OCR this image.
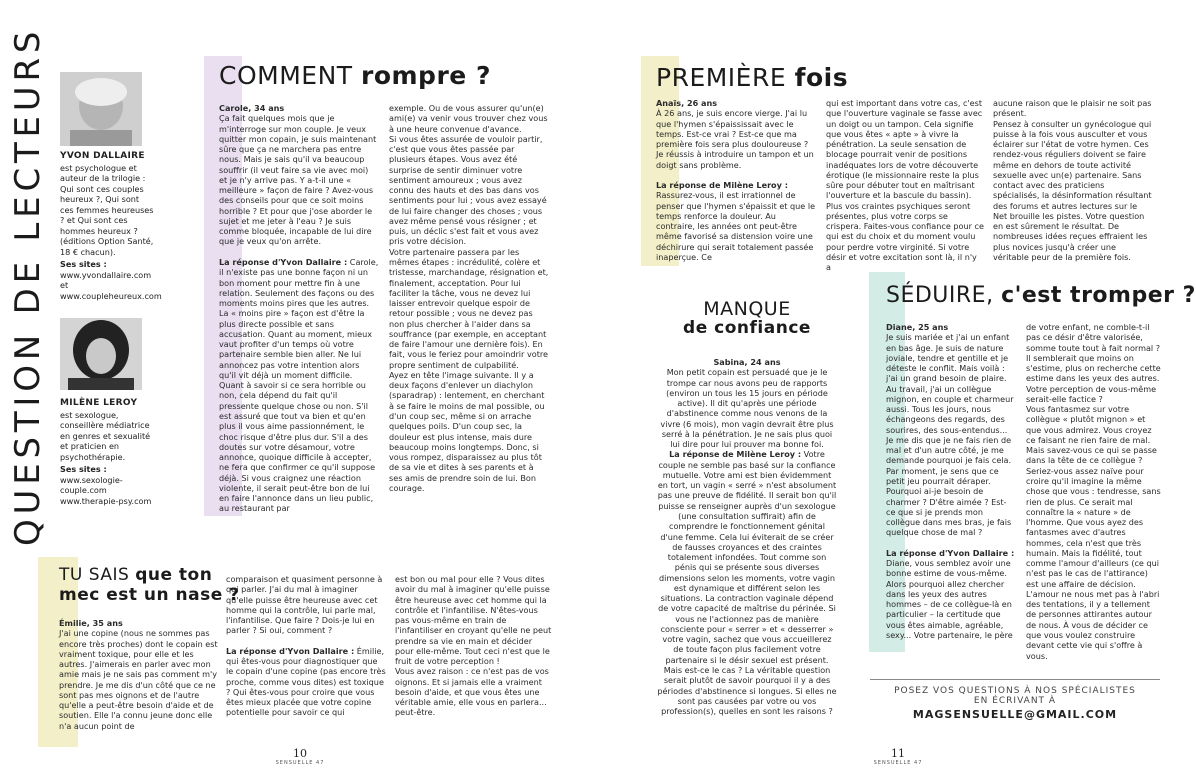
QUESTION DE LECTEURS
YVON DALLAIRE
est psychologue et auteur de la trilogie : Qui sont ces couples heureux ?, Qui sont ces femmes heureuses ? et Qui sont ces hommes heureux ? (éditions Option Santé, 18 € chacun).
Ses sites :
www.yvondallaire.com et
www.coupleheureux.com
MILÈNE LEROY
est sexologue, conseillère médiatrice en genres et sexualité et praticien en psychothérapie.
Ses sites :
www.sexologie-couple.com
www.therapie-psy.com
COMMENT rompre ?
Carole, 34 ans
Ça fait quelques mois que je m'interroge sur mon couple. Je veux quitter mon copain, je suis maintenant sûre que ça ne marchera pas entre nous. Mais je sais qu'il va beaucoup souffrir (il veut faire sa vie avec moi) et je n'y arrive pas. Y a-t-il une « meilleure » façon de faire ? Avez-vous des conseils pour que ce soit moins horrible ? Et pour que j'ose aborder le sujet et me jeter à l'eau ? Je suis comme bloquée, incapable de lui dire que je veux qu'on arrête.

La réponse d'Yvon Dallaire : Carole, il n'existe pas une bonne façon ni un bon moment pour mettre fin à une relation. Seulement des façons ou des moments moins pires que les autres. La « moins pire » façon est d'être la plus directe possible et sans accusation. Quant au moment, mieux vaut profiter d'un temps où votre partenaire semble bien aller. Ne lui annoncez pas votre intention alors qu'il vit déjà un moment difficile. Quant à savoir si ce sera horrible ou non, cela dépend du fait qu'il pressente quelque chose ou non. S'il est assuré que tout va bien et qu'en plus il vous aime passionnément, le choc risque d'être plus dur. S'il a des doutes sur votre désamour, votre annonce, quoique difficile à accepter, ne fera que confirmer ce qu'il suppose déjà. Si vous craignez une réaction violente, il serait peut-être bon de lui en faire l'annonce dans un lieu public, au restaurant par
exemple. Ou de vous assurer qu'un(e) ami(e) va venir vous trouver chez vous à une heure convenue d'avance.
Si vous êtes assurée de vouloir partir, c'est que vous êtes passée par plusieurs étapes. Vous avez été surprise de sentir diminuer votre sentiment amoureux ; vous avez connu des hauts et des bas dans vos sentiments pour lui ; vous avez essayé de lui faire changer des choses ; vous avez même pensé vous résigner ; et puis, un déclic s'est fait et vous avez pris votre décision.
Votre partenaire passera par les mêmes étapes : incrédulité, colère et tristesse, marchandage, résignation et, finalement, acceptation. Pour lui faciliter la tâche, vous ne devez lui laisser entrevoir quelque espoir de retour possible ; vous ne devez pas non plus chercher à l'aider dans sa souffrance (par exemple, en acceptant de faire l'amour une dernière fois). En fait, vous le feriez pour amoindrir votre propre sentiment de culpabilité.
Ayez en tête l'image suivante. Il y a deux façons d'enlever un diachylon (sparadrap) : lentement, en cherchant à se faire le moins de mal possible, ou d'un coup sec, même si on arrache quelques poils. D'un coup sec, la douleur est plus intense, mais dure beaucoup moins longtemps. Donc, si vous rompez, disparaissez au plus tôt de sa vie et dites à ses parents et à ses amis de prendre soin de lui. Bon courage.
TU SAIS que ton
mec est un nase ?
Émilie, 35 ans
J'ai une copine (nous ne sommes pas encore très proches) dont le copain est vraiment toxique, pour elle et les autres. J'aimerais en parler avec mon amie mais je ne sais pas comment m'y prendre. Je me dis d'un côté que ce ne sont pas mes oignons et de l'autre qu'elle a peut-être besoin d'aide et de soutien. Elle l'a connu jeune donc elle n'a aucun point de
comparaison et quasiment personne à qui parler. J'ai du mal à imaginer qu'elle puisse être heureuse avec cet homme qui la contrôle, lui parle mal, l'infantilise. Que faire ? Dois-je lui en parler ? Si oui, comment ?

La réponse d'Yvon Dallaire : Émilie, qui êtes-vous pour diagnostiquer que le copain d'une copine (pas encore très proche, comme vous dites) est toxique ? Qui êtes-vous pour croire que vous êtes mieux placée que votre copine potentielle pour savoir ce qui
est bon ou mal pour elle ? Vous dites avoir du mal à imaginer qu'elle puisse être heureuse avec cet homme qui la contrôle et l'infantilise. N'êtes-vous pas vous-même en train de l'infantiliser en croyant qu'elle ne peut prendre sa vie en main et décider pour elle-même. Tout ceci n'est que le fruit de votre perception !
Vous avez raison : ce n'est pas de vos oignons. Et si jamais elle a vraiment besoin d'aide, et que vous êtes une véritable amie, elle vous en parlera... peut-être.
10
SENSUELLE 47
PREMIÈRE fois
Anaïs, 26 ans
À 26 ans, je suis encore vierge. J'ai lu que l'hymen s'épaississait avec le temps. Est-ce vrai ? Est-ce que ma première fois sera plus douloureuse ? Je réussis à introduire un tampon et un doigt sans problème.

La réponse de Milène Leroy : Rassurez-vous, il est irrationnel de penser que l'hymen s'épaissit et que le temps renforce la douleur. Au contraire, les années ont peut-être même favorisé sa distension voire une déchirure qui serait totalement passée inaperçue. Ce
qui est important dans votre cas, c'est que l'ouverture vaginale se fasse avec un doigt ou un tampon. Cela signifie que vous êtes « apte » à vivre la pénétration. La seule sensation de blocage pourrait venir de positions inadéquates lors de votre découverte érotique (le missionnaire reste la plus sûre pour débuter tout en maîtrisant l'ouverture et la bascule du bassin). Plus vos craintes psychiques seront présentes, plus votre corps se crispera. Faites-vous confiance pour ce qui est du choix et du moment voulu pour perdre votre virginité. Si votre désir et votre excitation sont là, il n'y a
aucune raison que le plaisir ne soit pas présent.
Pensez à consulter un gynécologue qui puisse à la fois vous ausculter et vous éclairer sur l'état de votre hymen. Ces rendez-vous réguliers doivent se faire même en dehors de toute activité sexuelle avec un(e) partenaire. Sans contact avec des praticiens spécialisés, la désinformation résultant des forums et autres lectures sur le Net brouille les pistes. Votre question en est sûrement le résultat. De nombreuses idées reçues effraient les plus novices jusqu'à créer une véritable peur de la première fois.
MANQUE
de confiance
Sabina, 24 ans
Mon petit copain est persuadé que je le trompe car nous avons peu de rapports (environ un tous les 15 jours en période active). Il dit qu'après une période d'abstinence comme nous venons de la vivre (6 mois), mon vagin devrait être plus serré à la pénétration. Je ne sais plus quoi lui dire pour lui prouver ma bonne foi.
La réponse de Milène Leroy : Votre couple ne semble pas basé sur la confiance mutuelle. Votre ami est bien évidemment en tort, un vagin « serré » n'est absolument pas une preuve de fidélité. Il serait bon qu'il puisse se renseigner auprès d'un sexologue (une consultation suffirait) afin de comprendre le fonctionnement génital d'une femme. Cela lui éviterait de se créer de fausses croyances et des craintes totalement infondées. Tout comme son pénis qui se présente sous diverses dimensions selon les moments, votre vagin est dynamique et différent selon les situations. La contraction vaginale dépend de votre capacité de maîtrise du périnée. Si vous ne l'actionnez pas de manière consciente pour « serrer » et « desserrer » votre vagin, sachez que vous accueillerez de toute façon plus facilement votre partenaire si le désir sexuel est présent. Mais est-ce le cas ? La véritable question serait plutôt de savoir pourquoi il y a des périodes d'abstinence si longues. Si elles ne sont pas causées par votre ou vos profession(s), quelles en sont les raisons ?
SÉDUIRE, c'est tromper ?
Diane, 25 ans
Je suis mariée et j'ai un enfant en bas âge. Je suis de nature joviale, tendre et gentille et je déteste le conflit. Mais voilà : j'ai un grand besoin de plaire. Au travail, j'ai un collègue mignon, en couple et charmeur aussi. Tous les jours, nous échangeons des regards, des sourires, des sous-entendus... Je me dis que je ne fais rien de mal et d'un autre côté, je me demande pourquoi je fais cela. Par moment, je sens que ce petit jeu pourrait déraper. Pourquoi ai-je besoin de charmer ? D'être aimée ? Est-ce que si je prends mon collègue dans mes bras, je fais quelque chose de mal ?

La réponse d'Yvon Dallaire : Diane, vous semblez avoir une bonne estime de vous-même. Alors pourquoi allez chercher dans les yeux des autres hommes – de ce collègue-là en particulier – la certitude que vous êtes aimable, agréable, sexy... Votre partenaire, le père
de votre enfant, ne comble-t-il pas ce désir d'être valorisée, somme toute tout à fait normal ? Il semblerait que moins on s'estime, plus on recherche cette estime dans les yeux des autres. Votre perception de vous-même serait-elle factice ?
Vous fantasmez sur votre collègue « plutôt mignon » et que vous admirez. Vous croyez ce faisant ne rien faire de mal. Mais savez-vous ce qui se passe dans la tête de ce collègue ? Seriez-vous assez naïve pour croire qu'il imagine la même chose que vous : tendresse, sans rien de plus. Ce serait mal connaître la « nature » de l'homme. Que vous ayez des fantasmes avec d'autres hommes, cela n'est que très humain. Mais la fidélité, tout comme l'amour d'ailleurs (ce qui n'est pas le cas de l'attirance) est une affaire de décision. L'amour ne nous met pas à l'abri des tentations, il y a tellement de personnes attirantes autour de nous. À vous de décider ce que vous voulez construire devant cette vie qui s'offre à vous.
POSEZ VOS QUESTIONS À NOS SPÉCIALISTES
EN ÉCRIVANT À
MAGSENSUELLE@GMAIL.COM
11
SENSUELLE 47
